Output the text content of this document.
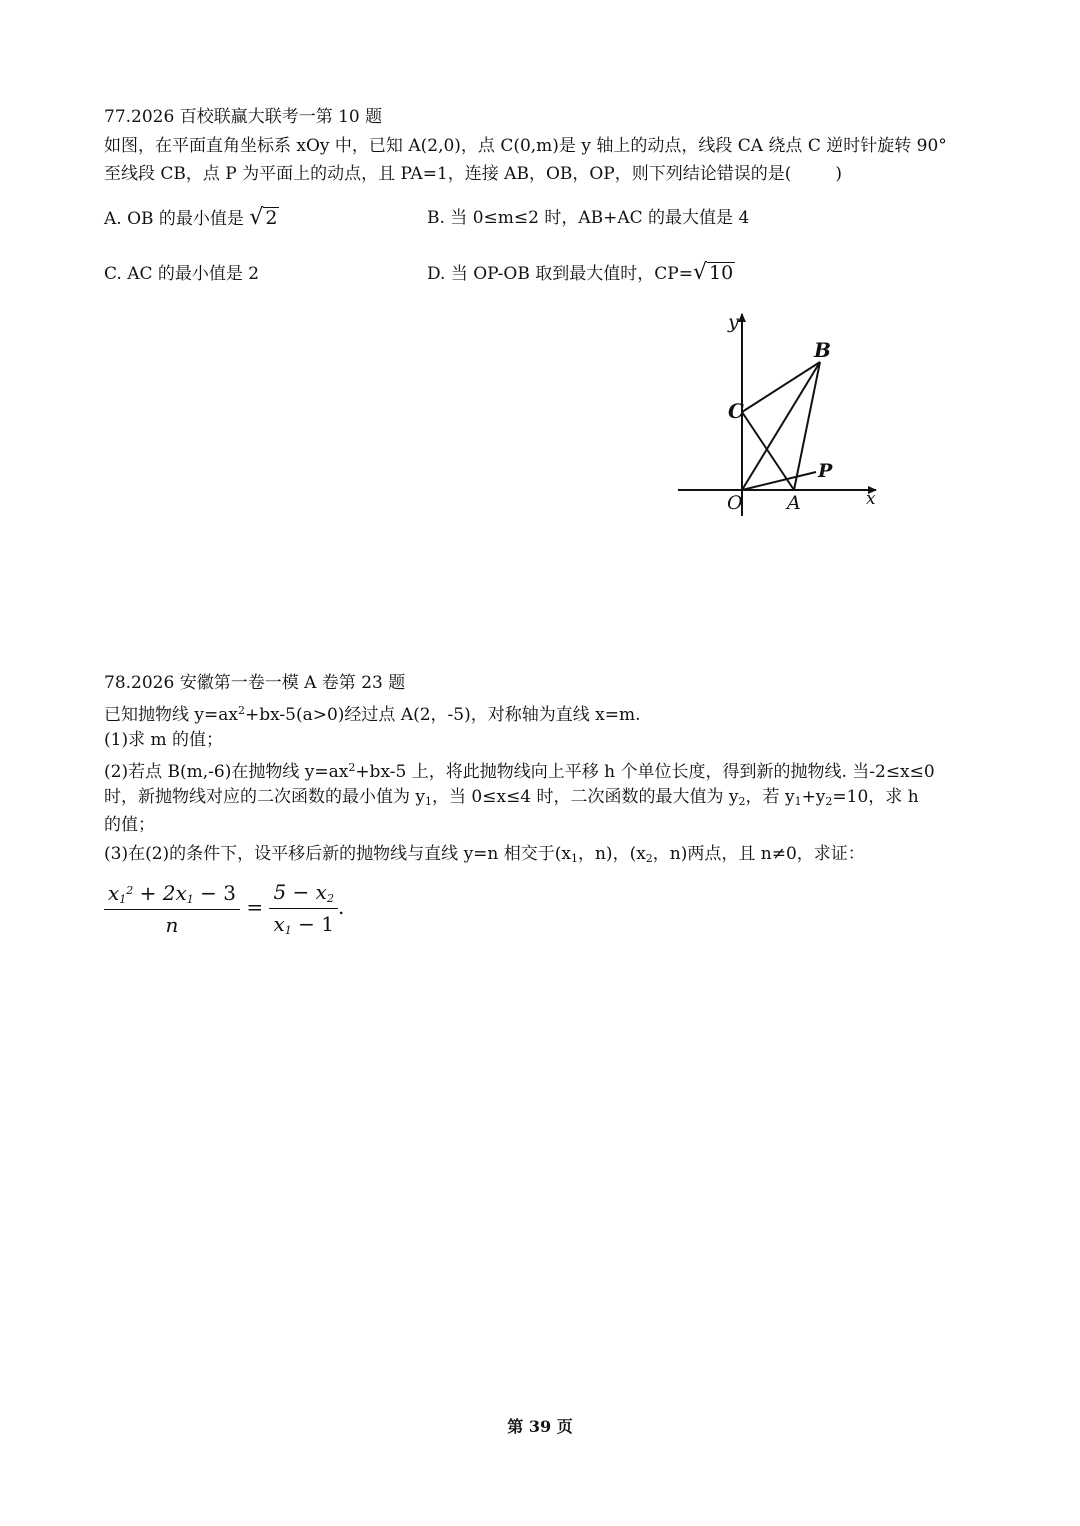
77.2026 百校联赢大联考一第 10 题
如图，在平面直角坐标系 xOy 中，已知 A(2,0)，点 C(0,m)是 y 轴上的动点，线段 CA 绕点 C 逆时针旋转 90°
至线段 CB，点 P 为平面上的动点，且 PA=1，连接 AB，OB，OP，则下列结论错误的是(	)
A. OB 的最小值是 √ 2	B. 当 0≤m≤2 时，AB+AC 的最大值是 4
C. AC 的最小值是 2	D. 当 OP-OB 取到最大值时，CP=√ 10
y
x
O A
B
C
P
78.2026 安徽第一卷一模 A 卷第 23 题
已知抛物线 $y=ax^2+bx-5(a>0)$经过点 A(2，-5)，对称轴为直线 x=m.
(1)求 m 的值；
(2)若点 B(m,-6)在抛物线 $y=ax^2+bx-5$ 上，将此抛物线向上平移 h 个单位长度，得到新的抛物线. 当-2≤x≤0
时，新抛物线对应的二次函数的最小值为 $y_1$，当 0≤x≤4 时，二次函数的最大值为 $y_2$，若 $y_1+y_2=10$，求 h
的值；
(3)在(2)的条件下，设平移后新的抛物线与直线 y=n 相交于($x_1$，n)，($x_2$，n)两点，且 n≠0，求证：
$\frac{x_1^2 + 2x_1 - 3}{n} = \frac{5 - x_2}{x_1 - 1}$ .
第 39 页
